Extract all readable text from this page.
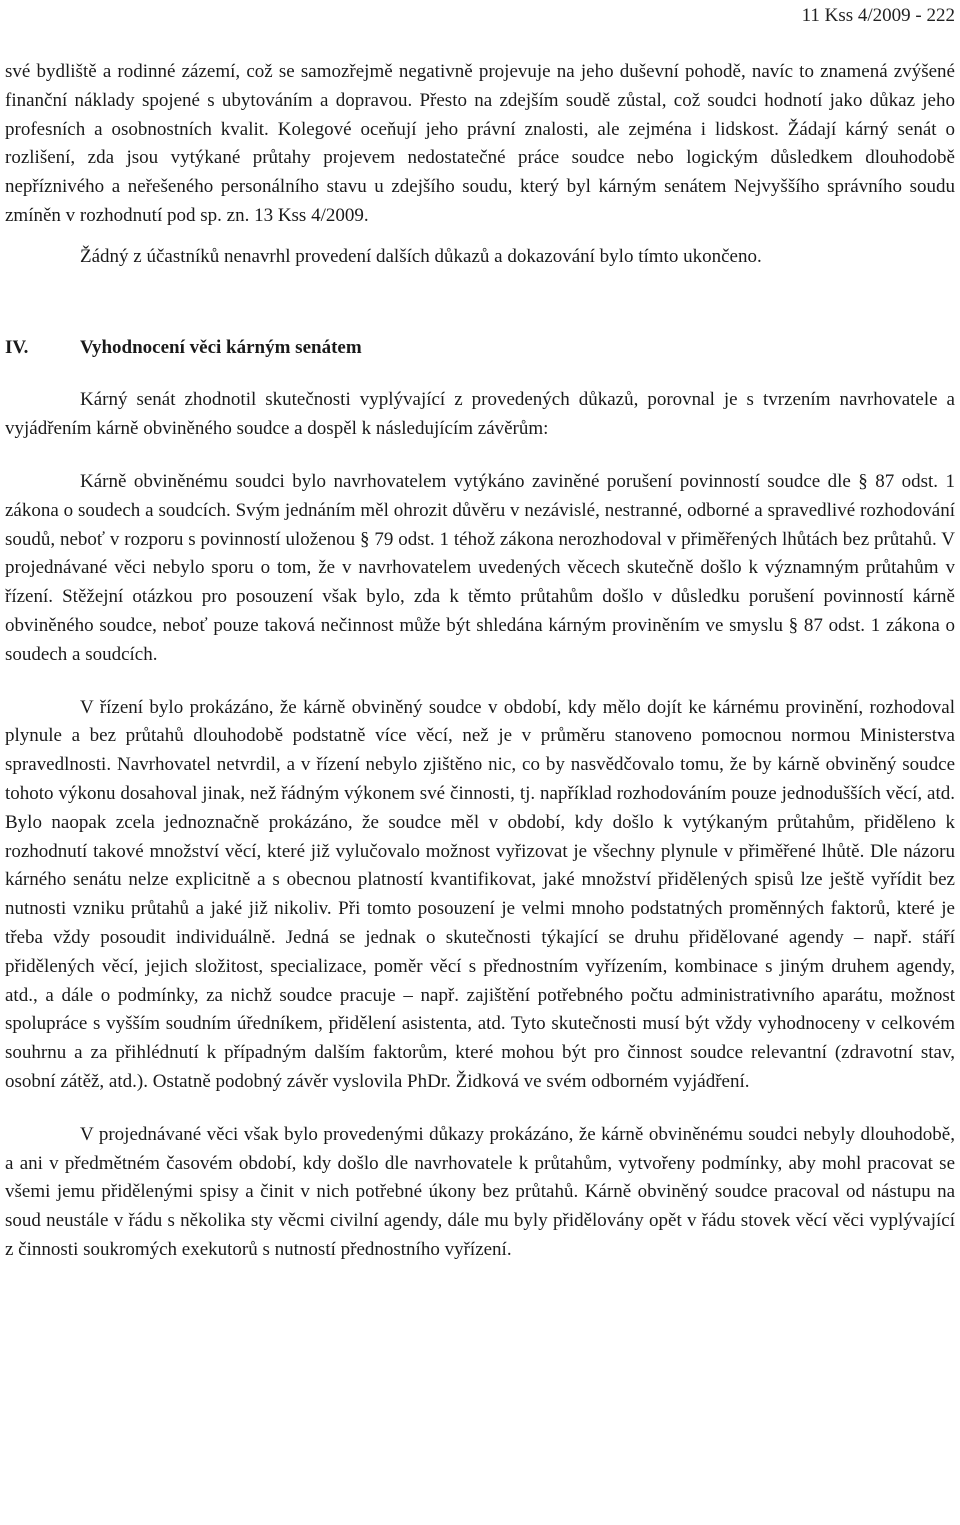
11 Kss 4/2009 - 222

své bydliště a rodinné zázemí, což se samozřejmě negativně projevuje na jeho duševní pohodě, navíc to znamená zvýšené finanční náklady spojené s ubytováním a dopravou. Přesto na zdejším soudě zůstal, což soudci hodnotí jako důkaz jeho profesních a osobnostních kvalit. Kolegové oceňují jeho právní znalosti, ale zejména i lidskost. Žádají kárný senát o rozlišení, zda jsou vytýkané průtahy projevem nedostatečné práce soudce nebo logickým důsledkem dlouhodobě nepříznivého a neřešeného personálního stavu u zdejšího soudu, který byl kárným senátem Nejvyššího správního soudu zmíněn v rozhodnutí pod sp. zn. 13 Kss 4/2009.

Žádný z účastníků nenavrhl provedení dalších důkazů a dokazování bylo tímto ukončeno.

IV.	Vyhodnocení věci kárným senátem

Kárný senát zhodnotil skutečnosti vyplývající z provedených důkazů, porovnal je s tvrzením navrhovatele a vyjádřením kárně obviněného soudce a dospěl k následujícím závěrům:

Kárně obviněnému soudci bylo navrhovatelem vytýkáno zaviněné porušení povinností soudce dle § 87 odst. 1 zákona o soudech a soudcích. Svým jednáním měl ohrozit důvěru v nezávislé, nestranné, odborné a spravedlivé rozhodování soudů, neboť v rozporu s povinností uloženou § 79 odst. 1 téhož zákona nerozhodoval v přiměřených lhůtách bez průtahů. V projednávané věci nebylo sporu o tom, že v navrhovatelem uvedených věcech skutečně došlo k významným průtahům v řízení. Stěžejní otázkou pro posouzení však bylo, zda k těmto průtahům došlo v důsledku porušení povinností kárně obviněného soudce, neboť pouze taková nečinnost může být shledána kárným proviněním ve smyslu § 87 odst. 1 zákona o soudech a soudcích.

V řízení bylo prokázáno, že kárně obviněný soudce v období, kdy mělo dojít ke kárnému provinění, rozhodoval plynule a bez průtahů dlouhodobě podstatně více věcí, než je v průměru stanoveno pomocnou normou Ministerstva spravedlnosti. Navrhovatel netvrdil, a v řízení nebylo zjištěno nic, co by nasvědčovalo tomu, že by kárně obviněný soudce tohoto výkonu dosahoval jinak, než řádným výkonem své činnosti, tj. například rozhodováním pouze jednodušších věcí, atd. Bylo naopak zcela jednoznačně prokázáno, že soudce měl v období, kdy došlo k vytýkaným průtahům, přiděleno k rozhodnutí takové množství věcí, které již vylučovalo možnost vyřizovat je všechny plynule v přiměřené lhůtě. Dle názoru kárného senátu nelze explicitně a s obecnou platností kvantifikovat, jaké množství přidělených spisů lze ještě vyřídit bez nutnosti vzniku průtahů a jaké již nikoliv. Při tomto posouzení je velmi mnoho podstatných proměnných faktorů, které je třeba vždy posoudit individuálně. Jedná se jednak o skutečnosti týkající se druhu přidělované agendy – např. stáří přidělených věcí, jejich složitost, specializace, poměr věcí s přednostním vyřízením, kombinace s jiným druhem agendy, atd., a dále o podmínky, za nichž soudce pracuje – např. zajištění potřebného počtu administrativního aparátu, možnost spolupráce s vyšším soudním úředníkem, přidělení asistenta, atd. Tyto skutečnosti musí být vždy vyhodnoceny v celkovém souhrnu a za přihlédnutí k případným dalším faktorům, které mohou být pro činnost soudce relevantní (zdravotní stav, osobní zátěž, atd.). Ostatně podobný závěr vyslovila PhDr. Židková ve svém odborném vyjádření.

V projednávané věci však bylo provedenými důkazy prokázáno, že kárně obviněnému soudci nebyly dlouhodobě, a ani v předmětném časovém období, kdy došlo dle navrhovatele k průtahům, vytvořeny podmínky, aby mohl pracovat se všemi jemu přidělenými spisy a činit v nich potřebné úkony bez průtahů. Kárně obviněný soudce pracoval od nástupu na soud neustále v řádu s několika sty věcmi civilní agendy, dále mu byly přidělovány opět v řádu stovek věcí věci vyplývající z činnosti soukromých exekutorů s nutností přednostního vyřízení.
